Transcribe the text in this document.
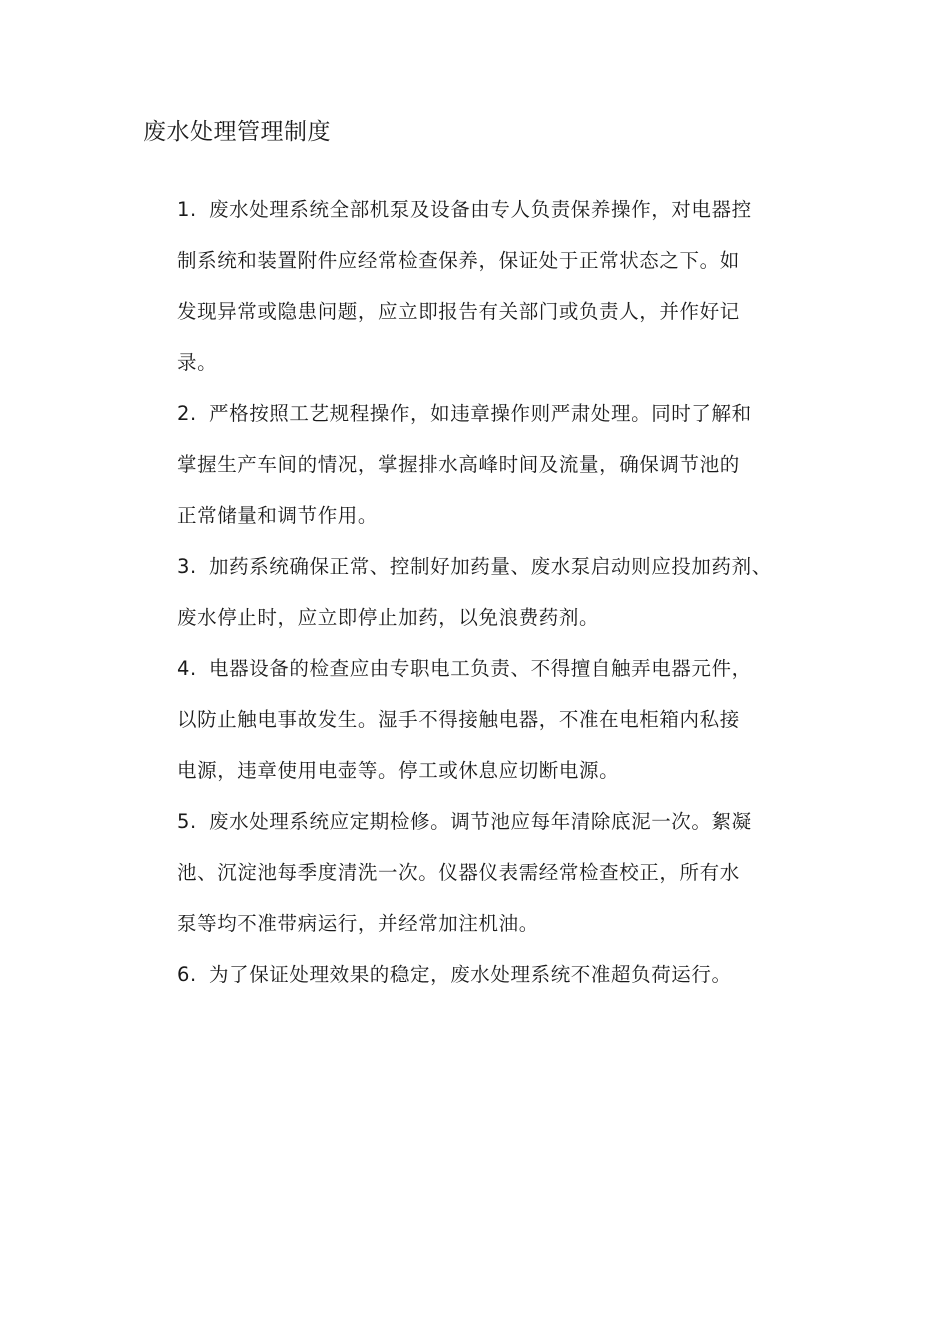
废水处理管理制度
1. 废水处理系统全部机泵及设备由专人负责保养操作，对电器控
制系统和装置附件应经常检查保养，保证处于正常状态之下。如
发现异常或隐患问题，应立即报告有关部门或负责人，并作好记
录。
2. 严格按照工艺规程操作，如违章操作则严肃处理。同时了解和
掌握生产车间的情况，掌握排水高峰时间及流量，确保调节池的
正常储量和调节作用。
3. 加药系统确保正常、控制好加药量、废水泵启动则应投加药剂、
废水停止时，应立即停止加药，以免浪费药剂。
4. 电器设备的检查应由专职电工负责、不得擅自触弄电器元件，
以防止触电事故发生。湿手不得接触电器，不准在电柜箱内私接
电源，违章使用电壶等。停工或休息应切断电源。
5. 废水处理系统应定期检修。调节池应每年清除底泥一次。絮凝
池、沉淀池每季度清洗一次。仪器仪表需经常检查校正，所有水
泵等均不准带病运行，并经常加注机油。
6. 为了保证处理效果的稳定，废水处理系统不准超负荷运行。
